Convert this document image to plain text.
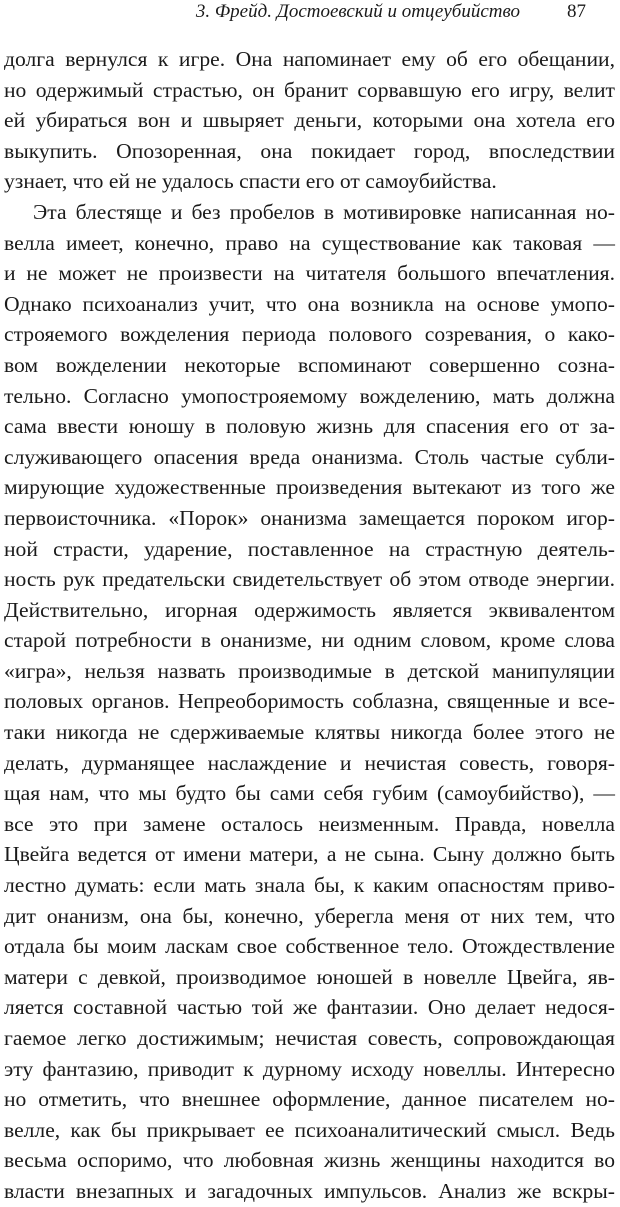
3. Фрейд. Достоевский и отцеубийство 87
долга вернулся к игре. Она напоминает ему об его обещании,
но одержимый страстью, он бранит сорвавшую его игру, велит
ей убираться вон и швыряет деньги, которыми она хотела его
выкупить. Опозоренная, она покидает город, впоследствии
узнает, что ей не удалось спасти его от самоубийства.
Эта блестяще и без пробелов в мотивировке написанная но-
велла имеет, конечно, право на существование как таковая —
и не может не произвести на читателя большого впечатления.
Однако психоанализ учит, что она возникла на основе умопо-
строяемого вожделения периода полового созревания, о како-
вом вожделении некоторые вспоминают совершенно созна-
тельно. Согласно умопострояемому вожделению, мать должна
сама ввести юношу в половую жизнь для спасения его от за-
служивающего опасения вреда онанизма. Столь частые субли-
мирующие художественные произведения вытекают из того же
первоисточника. «Порок» онанизма замещается пороком игор-
ной страсти, ударение, поставленное на страстную деятель-
ность рук предательски свидетельствует об этом отводе энергии.
Действительно, игорная одержимость является эквивалентом
старой потребности в онанизме, ни одним словом, кроме слова
«игра», нельзя назвать производимые в детской манипуляции
половых органов. Непреоборимость соблазна, священные и все-
таки никогда не сдерживаемые клятвы никогда более этого не
делать, дурманящее наслаждение и нечистая совесть, говоря-
щая нам, что мы будто бы сами себя губим (самоубийство), —
все это при замене осталось неизменным. Правда, новелла
Цвейга ведется от имени матери, а не сына. Сыну должно быть
лестно думать: если мать знала бы, к каким опасностям приво-
дит онанизм, она бы, конечно, уберегла меня от них тем, что
отдала бы моим ласкам свое собственное тело. Отождествление
матери с девкой, производимое юношей в новелле Цвейга, яв-
ляется составной частью той же фантазии. Оно делает недося-
гаемое легко достижимым; нечистая совесть, сопровождающая
эту фантазию, приводит к дурному исходу новеллы. Интересно
но отметить, что внешнее оформление, данное писателем но-
велле, как бы прикрывает ее психоаналитический смысл. Ведь
весьма оспоримо, что любовная жизнь женщины находится во
власти внезапных и загадочных импульсов. Анализ же вскры-
